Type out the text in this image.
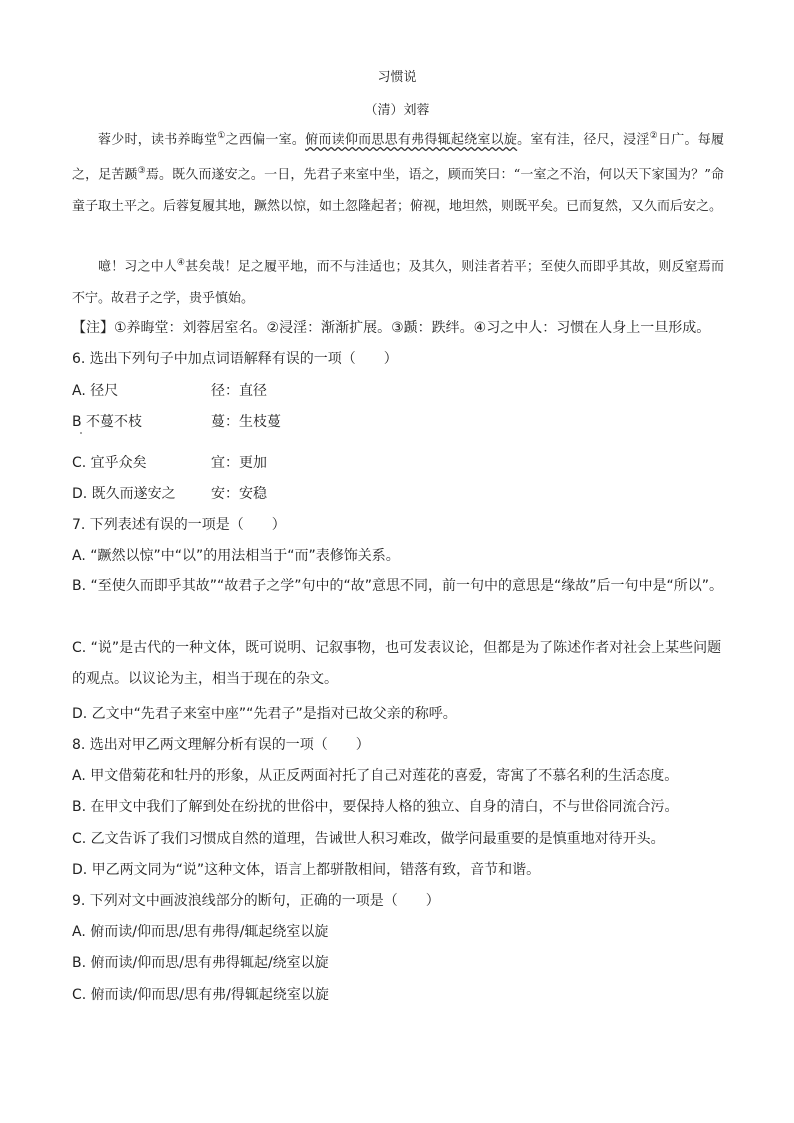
习惯说
（清）刘蓉
蓉少时，读书养晦堂①之西偏一室。俯而读仰而思思有弗得辄起绕室以旋。室有洼，径尺，浸淫②日广。每履之，足苦踬③焉。既久而遂安之。一日，先君子来室中坐，语之，顾而笑曰：“一室之不治，何以天下家国为？”命童子取土平之。后蓉复履其地，蹶然以惊，如土忽隆起者；俯视，地坦然，则既平矣。已而复然，又久而后安之。
噫！习之中人④甚矣哉！足之履平地，而不与洼适也；及其久，则洼者若平；至使久而即乎其故，则反窒焉而不宁。故君子之学，贵乎慎始。
【注】①养晦堂：刘蓉居室名。②浸淫：渐渐扩展。③踬：跌绊。④习之中人：习惯在人身上一旦形成。
6. 选出下列句子中加点词语解释有误的一项（　　）
A. 径尺	径：直径
B 不蔓不枝	蔓：生枝蔓
C. 宜乎众矣	宜：更加
D. 既久而遂安之	安：安稳
7. 下列表述有误的一项是（　　）
A. “蹶然以惊”中“以”的用法相当于“而”表修饰关系。
B. “至使久而即乎其故”“故君子之学”句中的“故”意思不同，前一句中的意思是“缘故”后一句中是“所以”。
C. “说”是古代的一种文体，既可说明、记叙事物，也可发表议论，但都是为了陈述作者对社会上某些问题的观点。以议论为主，相当于现在的杂文。
D. 乙文中“先君子来室中座”“先君子”是指对已故父亲的称呼。
8. 选出对甲乙两文理解分析有误的一项（　　）
A. 甲文借菊花和牡丹的形象，从正反两面衬托了自己对莲花的喜爱，寄寓了不慕名利的生活态度。
B. 在甲文中我们了解到处在纷扰的世俗中，要保持人格的独立、自身的清白，不与世俗同流合污。
C. 乙文告诉了我们习惯成自然的道理，告诫世人积习难改，做学问最重要的是慎重地对待开头。
D. 甲乙两文同为“说”这种文体，语言上都骈散相间，错落有致，音节和谐。
9. 下列对文中画波浪线部分的断句，正确的一项是（　　）
A. 俯而读/仰而思/思有弗得/辄起绕室以旋
B. 俯而读/仰而思/思有弗得辄起/绕室以旋
C. 俯而读/仰而思/思有弗/得辄起绕室以旋
